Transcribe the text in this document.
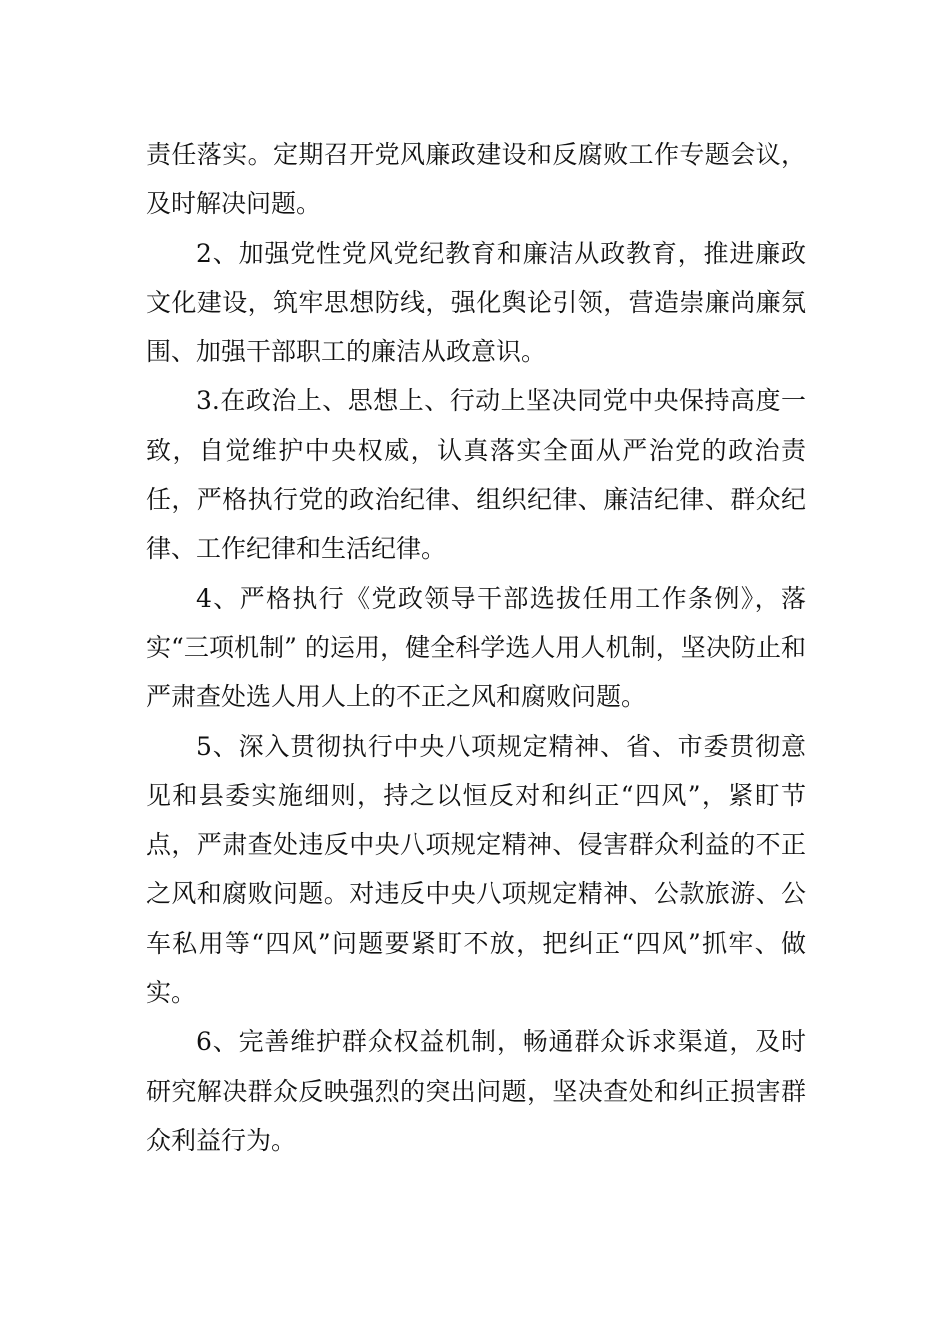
责任落实。定期召开党风廉政建设和反腐败工作专题会议，及时解决问题。

2、加强党性党风党纪教育和廉洁从政教育，推进廉政文化建设，筑牢思想防线，强化舆论引领，营造崇廉尚廉氛围、加强干部职工的廉洁从政意识。

3.在政治上、思想上、行动上坚决同党中央保持高度一致，自觉维护中央权威，认真落实全面从严治党的政治责任，严格执行党的政治纪律、组织纪律、廉洁纪律、群众纪律、工作纪律和生活纪律。

4、严格执行《党政领导干部选拔任用工作条例》，落实“三项机制” 的运用，健全科学选人用人机制，坚决防止和严肃查处选人用人上的不正之风和腐败问题。

5、深入贯彻执行中央八项规定精神、省、市委贯彻意见和县委实施细则，持之以恒反对和纠正“四风”，紧盯节点，严肃查处违反中央八项规定精神、侵害群众利益的不正之风和腐败问题。对违反中央八项规定精神、公款旅游、公车私用等“四风”问题要紧盯不放，把纠正“四风”抓牢、做实。

6、完善维护群众权益机制，畅通群众诉求渠道，及时研究解决群众反映强烈的突出问题，坚决查处和纠正损害群众利益行为。
